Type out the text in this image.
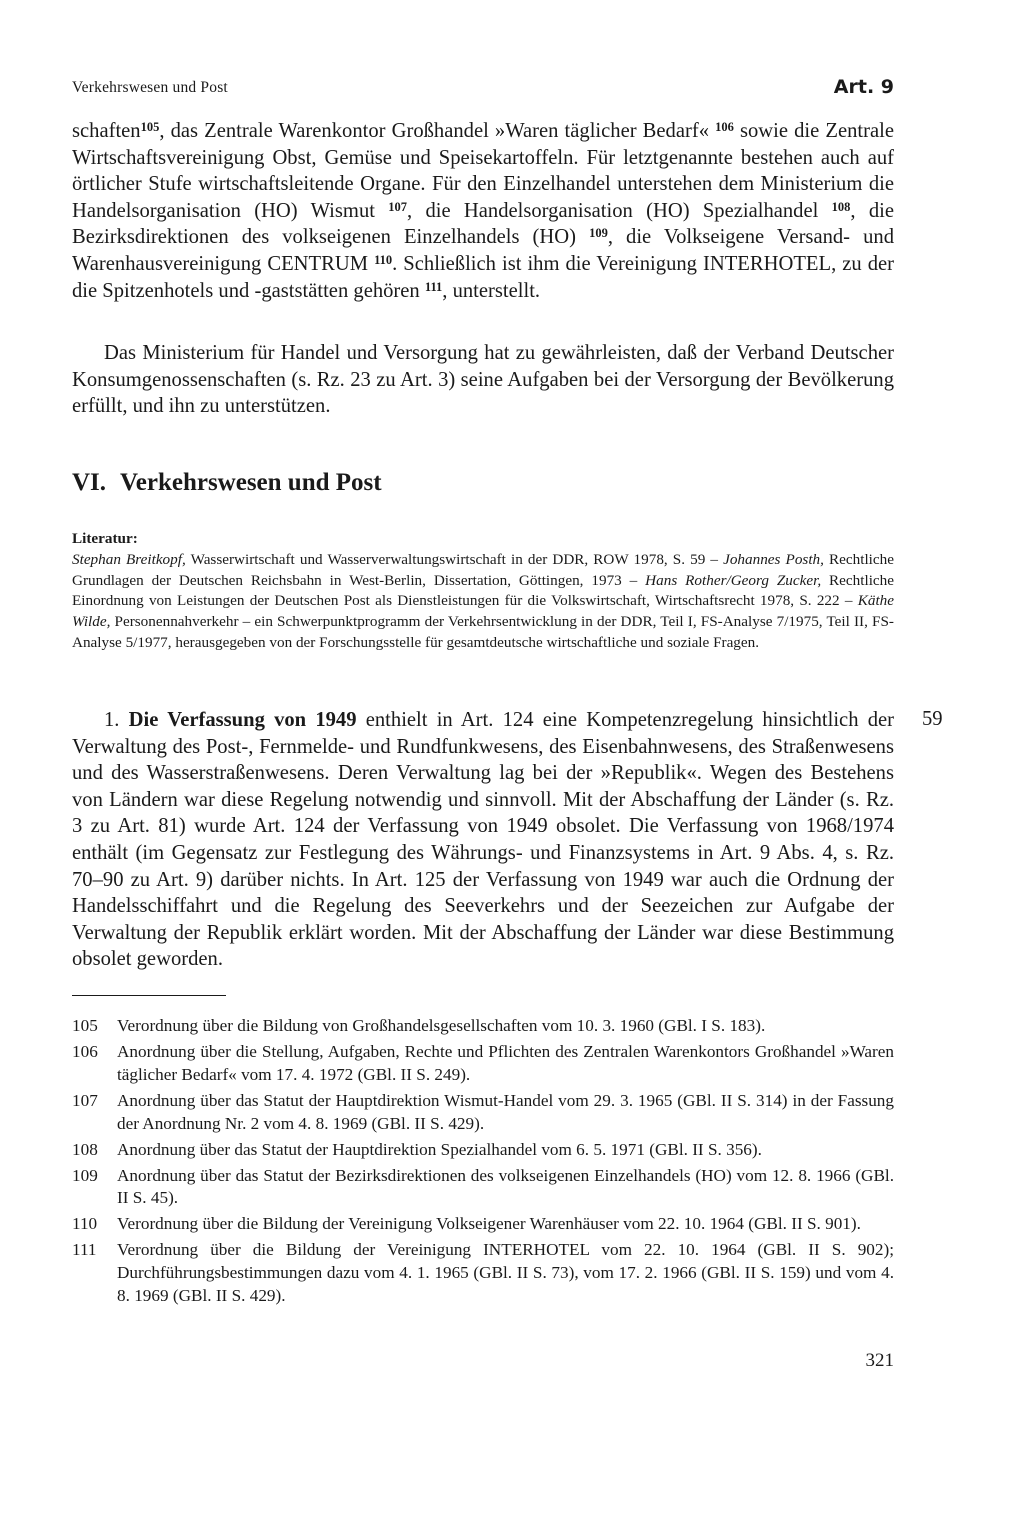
Verkehrswesen und Post	Art. 9

schaften$^{105}$, das Zentrale Warenkontor Großhandel »Waren täglicher Bedarf« $^{106}$ sowie die Zentrale Wirtschaftsvereinigung Obst, Gemüse und Speisekartoffeln. Für letztgenannte bestehen auch auf örtlicher Stufe wirtschaftsleitende Organe. Für den Einzelhandel unterstehen dem Ministerium die Handelsorganisation (HO) Wismut $^{107}$, die Handelsorganisation (HO) Spezialhandel $^{108}$, die Bezirksdirektionen des volkseigenen Einzelhandels (HO) $^{109}$, die Volkseigene Versand- und Warenhausvereinigung CENTRUM $^{110}$. Schließlich ist ihm die Vereinigung INTERHOTEL, zu der die Spitzenhotels und -gaststätten gehören $^{111}$, unterstellt.

Das Ministerium für Handel und Versorgung hat zu gewährleisten, daß der Verband Deutscher Konsumgenossenschaften (s. Rz. 23 zu Art. 3) seine Aufgaben bei der Versorgung der Bevölkerung erfüllt, und ihn zu unterstützen.

VI. Verkehrswesen und Post
Literatur:

Stephan Breitkopf, Wasserwirtschaft und Wasserverwaltungswirtschaft in der DDR, ROW 1978, S. 59 – Johannes Posth, Rechtliche Grundlagen der Deutschen Reichsbahn in West-Berlin, Dissertation, Göttingen, 1973 – Hans Rother/Georg Zucker, Rechtliche Einordnung von Leistungen der Deutschen Post als Dienstleistungen für die Volkswirtschaft, Wirtschaftsrecht 1978, S. 222 – Käthe Wilde, Personennahverkehr – ein Schwerpunktprogramm der Verkehrsentwicklung in der DDR, Teil I, FS-Analyse 7/1975, Teil II, FS-Analyse 5/1977, herausgegeben von der Forschungsstelle für gesamtdeutsche wirtschaftliche und soziale Fragen.

1. Die Verfassung von 1949 enthielt in Art. 124 eine Kompetenzregelung hinsichtlich der Verwaltung des Post-, Fernmelde- und Rundfunkwesens, des Eisenbahnwesens, des Straßenwesens und des Wasserstraßenwesens. Deren Verwaltung lag bei der »Republik«. Wegen des Bestehens von Ländern war diese Regelung notwendig und sinnvoll. Mit der Abschaffung der Länder (s. Rz. 3 zu Art. 81) wurde Art. 124 der Verfassung von 1949 obsolet. Die Verfassung von 1968/1974 enthält (im Gegensatz zur Festlegung des Währungs- und Finanzsystems in Art. 9 Abs. 4, s. Rz. 70–90 zu Art. 9) darüber nichts. In Art. 125 der Verfassung von 1949 war auch die Ordnung der Handelsschiffahrt und die Regelung des Seeverkehrs und der Seezeichen zur Aufgabe der Verwaltung der Republik erklärt worden. Mit der Abschaffung der Länder war diese Bestimmung obsolet geworden.

59
105 Verordnung über die Bildung von Großhandelsgesellschaften vom 10. 3. 1960 (GBl. I S. 183).
106 Anordnung über die Stellung, Aufgaben, Rechte und Pflichten des Zentralen Warenkontors Großhandel »Waren täglicher Bedarf« vom 17. 4. 1972 (GBl. II S. 249).
107 Anordnung über das Statut der Hauptdirektion Wismut-Handel vom 29. 3. 1965 (GBl. II S. 314) in der Fassung der Anordnung Nr. 2 vom 4. 8. 1969 (GBl. II S. 429).
108 Anordnung über das Statut der Hauptdirektion Spezialhandel vom 6. 5. 1971 (GBl. II S. 356).
109 Anordnung über das Statut der Bezirksdirektionen des volkseigenen Einzelhandels (HO) vom 12. 8. 1966 (GBl. II S. 45).
110 Verordnung über die Bildung der Vereinigung Volkseigener Warenhäuser vom 22. 10. 1964 (GBl. II S. 901).
111 Verordnung über die Bildung der Vereinigung INTERHOTEL vom 22. 10. 1964 (GBl. II S. 902); Durchführungsbestimmungen dazu vom 4. 1. 1965 (GBl. II S. 73), vom 17. 2. 1966 (GBl. II S. 159) und vom 4. 8. 1969 (GBl. II S. 429).
321
